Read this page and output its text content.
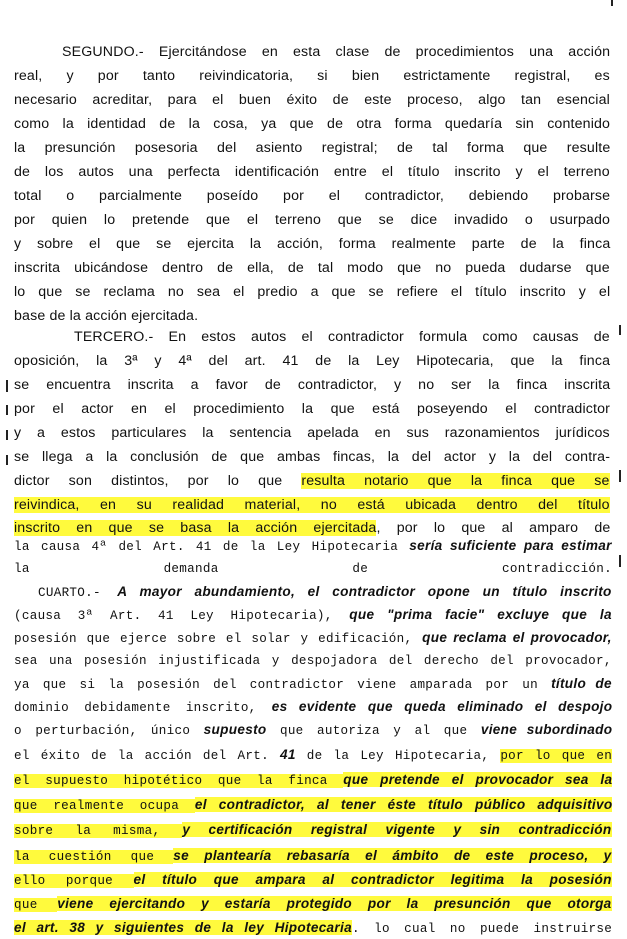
SEGUNDO.- Ejercitándose en esta clase de procedimientos una acción
real, y por tanto reivindicatoria, si bien estrictamente registral, es
necesario acreditar, para el buen éxito de este proceso, algo tan esencial
como la identidad de la cosa, ya que de otra forma quedaría sin contenido
la presunción posesoria del asiento registral; de tal forma que resulte
de los autos una perfecta identificación entre el título inscrito y el terreno
total o parcialmente poseído por el contradictor, debiendo probarse
por quien lo pretende que el terreno que se dice invadido o usurpado
y sobre el que se ejercita la acción, forma realmente parte de la finca
inscrita ubicándose dentro de ella, de tal modo que no pueda dudarse que
lo que se reclama no sea el predio a que se refiere el título inscrito y el
base de la acción ejercitada.
TERCERO.- En estos autos el contradictor formula como causas de
oposición, la 3ª y 4ª del art. 41 de la Ley Hipotecaria, que la finca
se encuentra inscrita a favor de contradictor, y no ser la finca inscrita
por el actor en el procedimiento la que está poseyendo el contradictor
y a estos particulares la sentencia apelada en sus razonamientos jurídicos
se llega a la conclusión de que ambas fincas, la del actor y la del contra-
dictor son distintos, por lo que resulta notario que la finca que se
reivindica, en su realidad material, no está ubicada dentro del título
inscrito en que se basa la acción ejercitada, por lo que al amparo de
la causa 4ª del Art. 41 de la Ley Hipotecaria sería suficiente para estimar
la demanda de contradicción.
CUARTO.- A mayor abundamiento, el contradictor opone un título inscrito
(causa 3ª Art. 41 Ley Hipotecaria), que "prima facie" excluye que la
posesión que ejerce sobre el solar y edificación, que reclama el provocador,
sea una posesión injustificada y despojadora del derecho del provocador,
ya que si la posesión del contradictor viene amparada por un título de
dominio debidamente inscrito, es evidente que queda eliminado el despojo
o perturbación, único supuesto que autoriza y al que viene subordinado
el éxito de la acción del Art. 41 de la Ley Hipotecaria, por lo que en
el supuesto hipotético que la finca que pretende el provocador sea la
que realmente ocupa el contradictor, al tener éste título público adquisitivo
sobre la misma, y certificación registral vigente y sin contradicción
la cuestión que se plantearía rebasaría el ámbito de este proceso, y
ello porque el título que ampara al contradictor legitima la posesión
que viene ejercitando y estaría protegido por la presunción que otorga
el art. 38 y siguientes de la ley Hipotecaria. lo cual no puede instruirse
